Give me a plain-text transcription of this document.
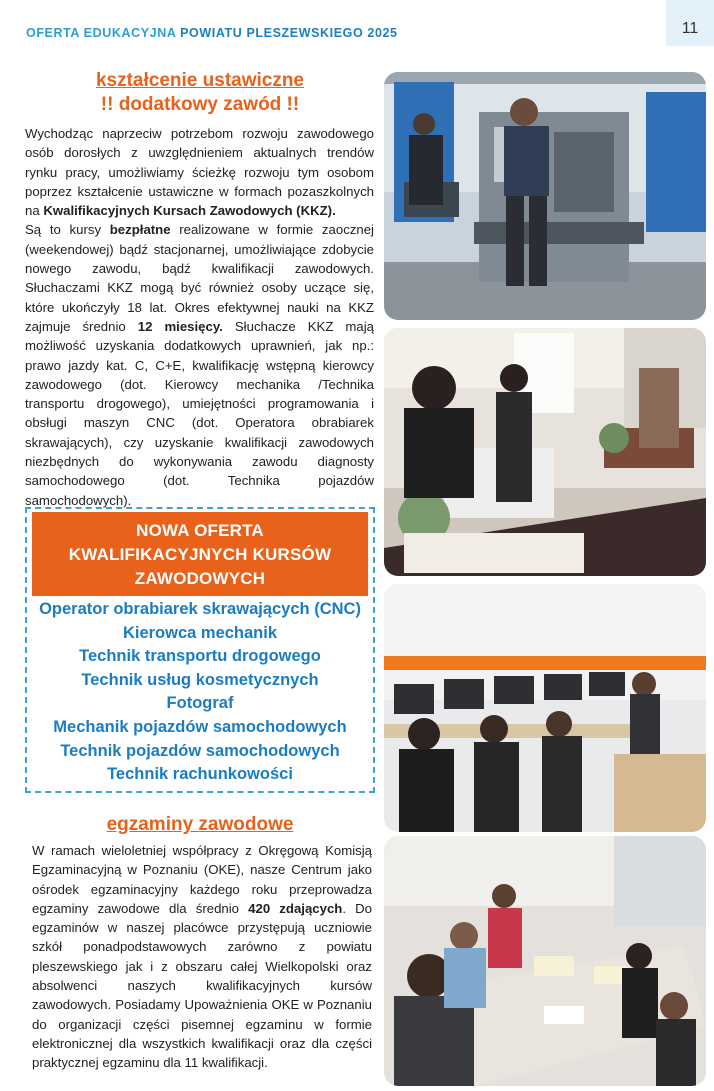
OFERTA EDUKACYJNA POWIATU PLESZEWSKIEGO 2025	11
kształcenie ustawiczne
!! dodatkowy zawód !!
Wychodząc naprzeciw potrzebom rozwoju zawodowego osób dorosłych z uwzględnieniem aktualnych trendów rynku pracy, umożliwiamy ścieżkę rozwoju tym osobom poprzez kształcenie ustawiczne w formach pozaszkolnych na Kwalifikacyjnych Kursach Zawodowych (KKZ).
Są to kursy bezpłatne realizowane w formie zaocznej (weekendowej) bądź stacjonarnej, umożliwiające zdobycie nowego zawodu, bądź kwalifikacji zawodowych. Słuchaczami KKZ mogą być również osoby uczące się, które ukończyły 18 lat. Okres efektywnej nauki na KKZ zajmuje średnio 12 miesięcy. Słuchacze KKZ mają możliwość uzyskania dodatkowych uprawnień, jak np.: prawo jazdy kat. C, C+E, kwalifikację wstępną kierowcy zawodowego (dot. Kierowcy mechanika /Technika transportu drogowego), umiejętności programowania i obsługi maszyn CNC (dot. Operatora obrabiarek skrawających), czy uzyskanie kwalifikacji zawodowych niezbędnych do wykonywania zawodu diagnosty samochodowego (dot. Technika pojazdów samochodowych).
NOWA OFERTA
KWALIFIKACYJNYCH KURSÓW
ZAWODOWYCH
Operator obrabiarek skrawających (CNC)
Kierowca mechanik
Technik transportu drogowego
Technik usług kosmetycznych
Fotograf
Mechanik pojazdów samochodowych
Technik pojazdów samochodowych
Technik rachunkowości
egzaminy zawodowe
W ramach wieloletniej współpracy z Okręgową Komisją Egzaminacyjną w Poznaniu (OKE), nasze Centrum jako ośrodek egzaminacyjny każdego roku przeprowadza egzaminy zawodowe dla średnio 420 zdających. Do egzaminów w naszej placówce przystępują uczniowie szkół ponadpodstawowych zarówno z powiatu pleszewskiego jak i z obszaru całej Wielkopolski oraz absolwenci naszych kwalifikacyjnych kursów zawodowych. Posiadamy Upoważnienia OKE w Poznaniu do organizacji części pisemnej egzaminu w formie elektronicznej dla wszystkich kwalifikacji oraz dla części praktycznej egzaminu dla 11 kwalifikacji.
